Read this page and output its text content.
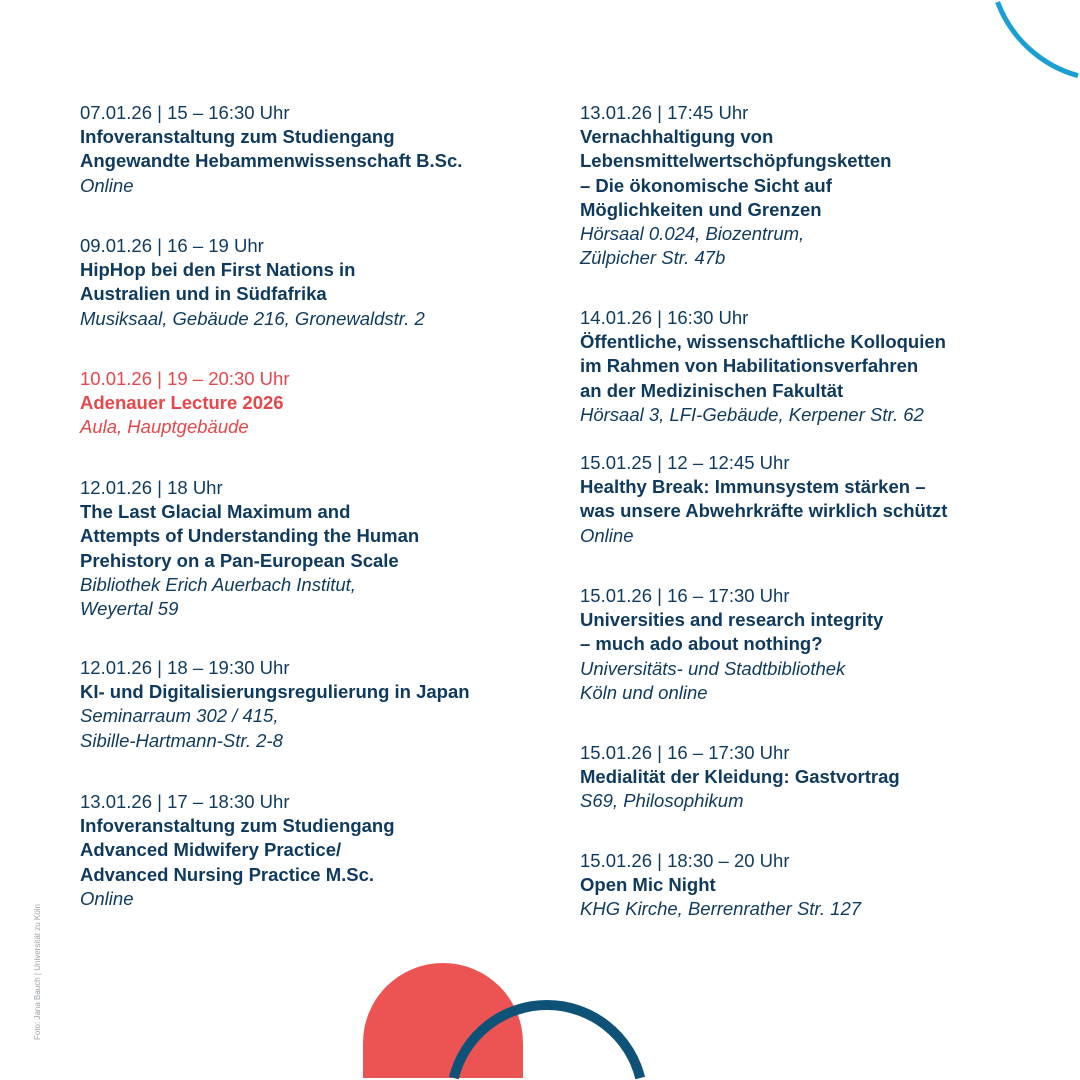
07.01.26 | 15 – 16:30 Uhr
Infoveranstaltung zum Studiengang
Angewandte Hebammenwissenschaft B.Sc.
Online
09.01.26 | 16 – 19 Uhr
HipHop bei den First Nations in
Australien und in Südfafrika
Musiksaal, Gebäude 216, Gronewaldstr. 2
10.01.26 | 19 – 20:30 Uhr
Adenauer Lecture 2026
Aula, Hauptgebäude
12.01.26 | 18 Uhr
The Last Glacial Maximum and
Attempts of Understanding the Human
Prehistory on a Pan-European Scale
Bibliothek Erich Auerbach Institut,
Weyertal 59
12.01.26 | 18 – 19:30 Uhr
KI- und Digitalisierungsregulierung in Japan
Seminarraum 302 / 415,
Sibille-Hartmann-Str. 2-8
13.01.26 | 17 – 18:30 Uhr
Infoveranstaltung zum Studiengang
Advanced Midwifery Practice/
Advanced Nursing Practice M.Sc.
Online
13.01.26 | 17:45 Uhr
Vernachhaltigung von
Lebensmittelwertschöpfungsketten
– Die ökonomische Sicht auf
Möglichkeiten und Grenzen
Hörsaal 0.024, Biozentrum,
Zülpicher Str. 47b
14.01.26 | 16:30 Uhr
Öffentliche, wissenschaftliche Kolloquien
im Rahmen von Habilitationsverfahren
an der Medizinischen Fakultät
Hörsaal 3, LFI-Gebäude, Kerpener Str. 62
15.01.25 | 12 – 12:45 Uhr
Healthy Break: Immunsystem stärken –
was unsere Abwehrkräfte wirklich schützt
Online
15.01.26 | 16 – 17:30 Uhr
Universities and research integrity
– much ado about nothing?
Universitäts- und Stadtbibliothek
Köln und online
15.01.26 | 16 – 17:30 Uhr
Medialität der Kleidung: Gastvortrag
S69, Philosophikum
15.01.26 | 18:30 – 20 Uhr
Open Mic Night
KHG Kirche, Berrenrather Str. 127
Foto: Jana Bauch | Universität zu Köln
